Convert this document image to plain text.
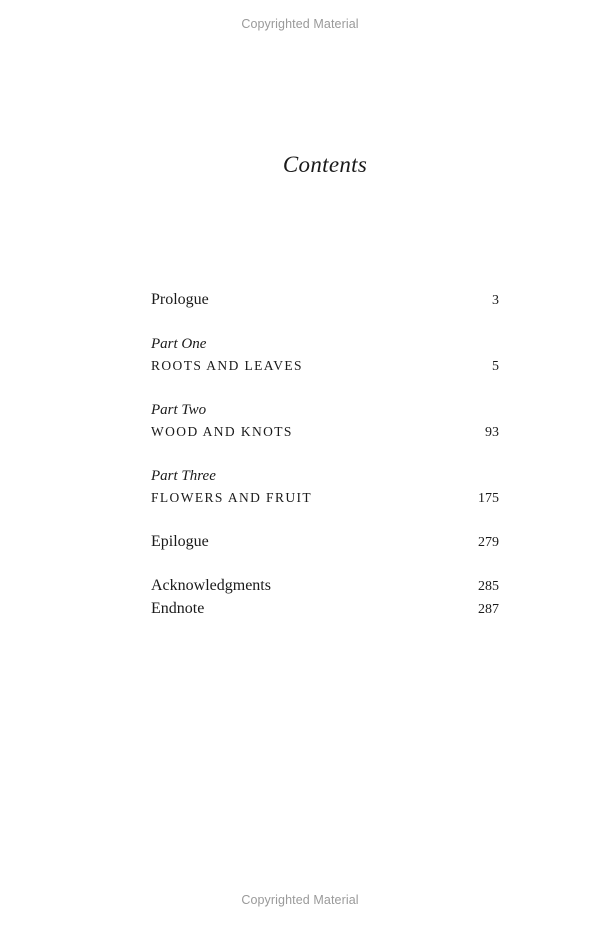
Copyrighted Material
Contents
Prologue	3
Part One
ROOTS AND LEAVES	5
Part Two
WOOD AND KNOTS	93
Part Three
FLOWERS AND FRUIT	175
Epilogue	279
Acknowledgments	285
Endnote	287
Copyrighted Material
